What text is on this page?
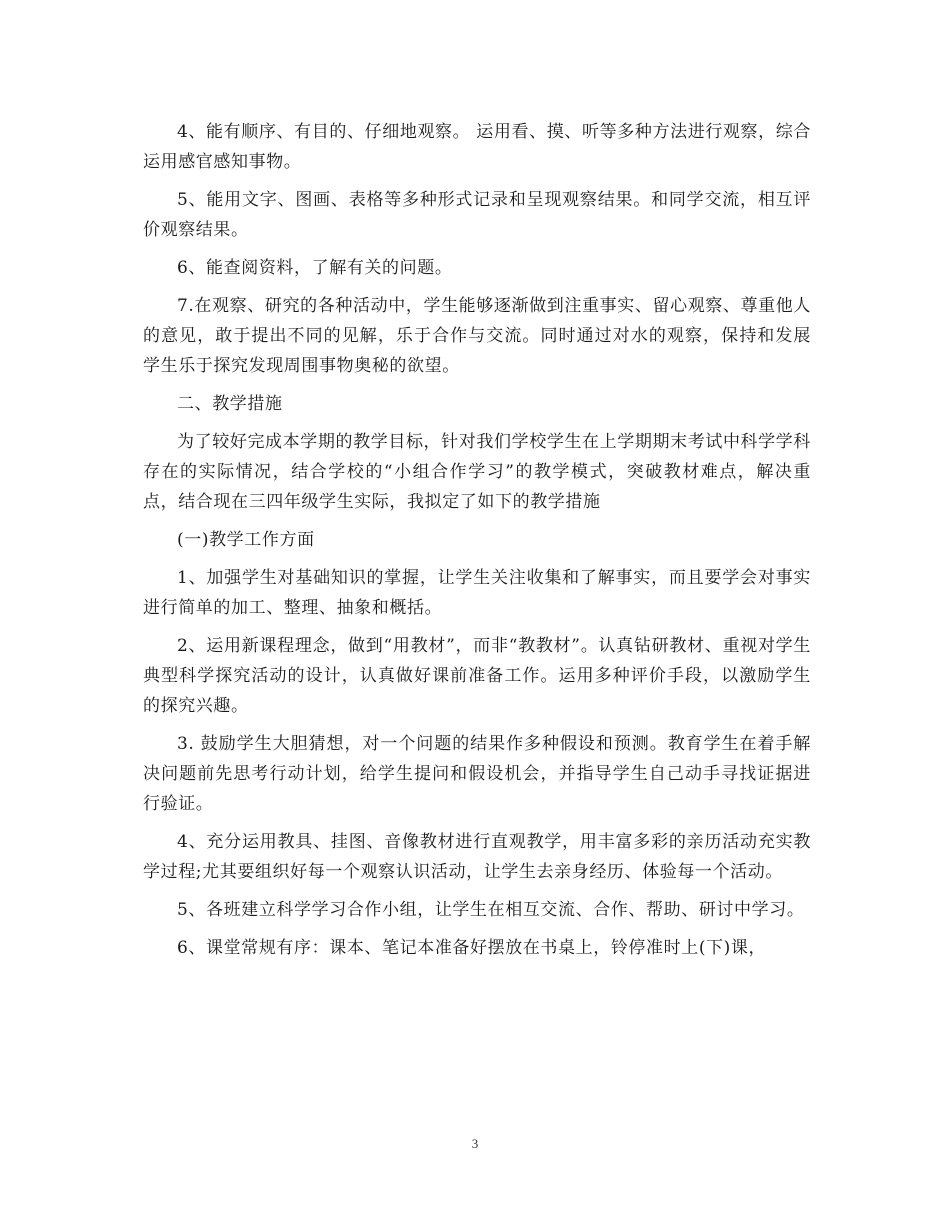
4、能有顺序、有目的、仔细地观察。 运用看、摸、听等多种方法进行观察，综合运用感官感知事物。

5、能用文字、图画、表格等多种形式记录和呈现观察结果。和同学交流，相互评价观察结果。

6、能查阅资料，了解有关的问题。

7.在观察、研究的各种活动中，学生能够逐渐做到注重事实、留心观察、尊重他人的意见，敢于提出不同的见解，乐于合作与交流。同时通过对水的观察，保持和发展学生乐于探究发现周围事物奥秘的欲望。

二、教学措施

为了较好完成本学期的教学目标，针对我们学校学生在上学期期末考试中科学学科存在的实际情况，结合学校的“小组合作学习”的教学模式，突破教材难点，解决重点，结合现在三四年级学生实际，我拟定了如下的教学措施

(一)教学工作方面

1、加强学生对基础知识的掌握，让学生关注收集和了解事实，而且要学会对事实进行简单的加工、整理、抽象和概括。

2、运用新课程理念，做到“用教材”，而非“教教材”。认真钻研教材、重视对学生典型科学探究活动的设计，认真做好课前准备工作。运用多种评价手段，以激励学生的探究兴趣。

3. 鼓励学生大胆猜想，对一个问题的结果作多种假设和预测。教育学生在着手解决问题前先思考行动计划，给学生提问和假设机会，并指导学生自己动手寻找证据进行验证。

4、充分运用教具、挂图、音像教材进行直观教学，用丰富多彩的亲历活动充实教学过程;尤其要组织好每一个观察认识活动，让学生去亲身经历、体验每一个活动。

5、各班建立科学学习合作小组，让学生在相互交流、合作、帮助、研讨中学习。

6、课堂常规有序：课本、笔记本准备好摆放在书桌上，铃停准时上(下)课，

3
